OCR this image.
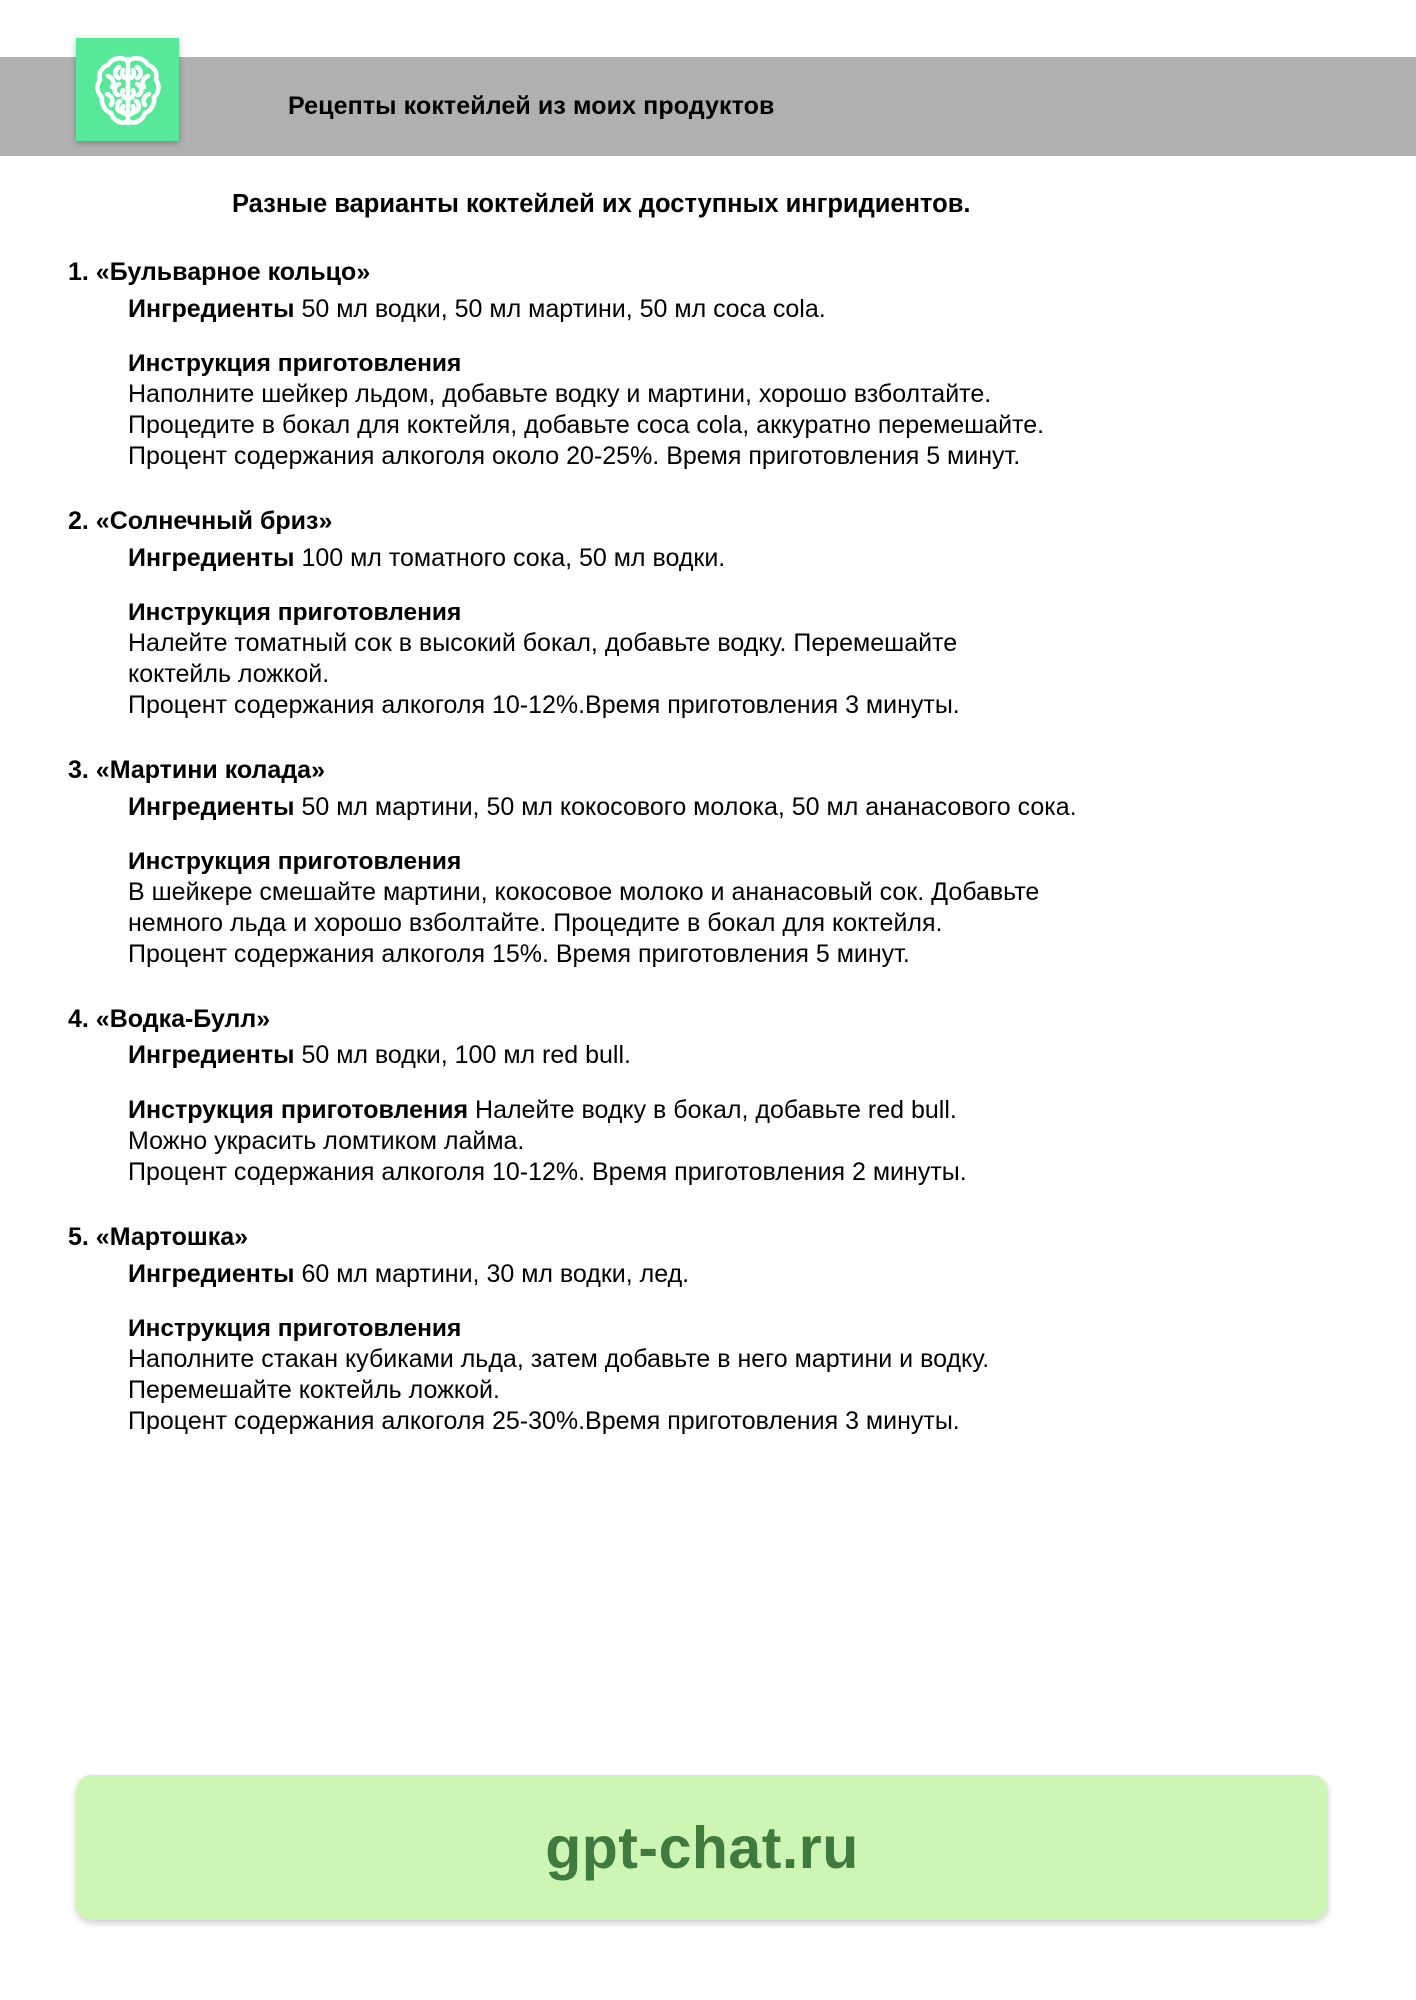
Рецепты коктейлей из моих продуктов
Разные варианты коктейлей их доступных ингридиентов.
1. «Бульварное кольцо»

Ингредиенты 50 мл водки, 50 мл мартини, 50 мл coca cola.

Инструкция приготовления

Наполните шейкер льдом, добавьте водку и мартини, хорошо взболтайте.

Процедите в бокал для коктейля, добавьте coca cola, аккуратно перемешайте.

Процент содержания алкоголя около 20-25%. Время приготовления 5 минут.

2. «Солнечный бриз»

Ингредиенты 100 мл томатного сока, 50 мл водки.

Инструкция приготовления

Налейте томатный сок в высокий бокал, добавьте водку. Перемешайте

коктейль ложкой.

Процент содержания алкоголя 10-12%.Время приготовления 3 минуты.

3. «Мартини колада»

Ингредиенты 50 мл мартини, 50 мл кокосового молока, 50 мл ананасового сока.

Инструкция приготовления

В шейкере смешайте мартини, кокосовое молоко и ананасовый сок. Добавьте

немного льда и хорошо взболтайте. Процедите в бокал для коктейля.

Процент содержания алкоголя 15%. Время приготовления 5 минут.

4. «Водка-Булл»

Ингредиенты 50 мл водки, 100 мл red bull.

Инструкция приготовления Налейте водку в бокал, добавьте red bull.

Можно украсить ломтиком лайма.

Процент содержания алкоголя 10-12%. Время приготовления 2 минуты.

5. «Мартошка»

Ингредиенты 60 мл мартини, 30 мл водки, лед.

Инструкция приготовления

Наполните стакан кубиками льда, затем добавьте в него мартини и водку.

Перемешайте коктейль ложкой.

Процент содержания алкоголя 25-30%.Время приготовления 3 минуты.

gpt-chat.ru
